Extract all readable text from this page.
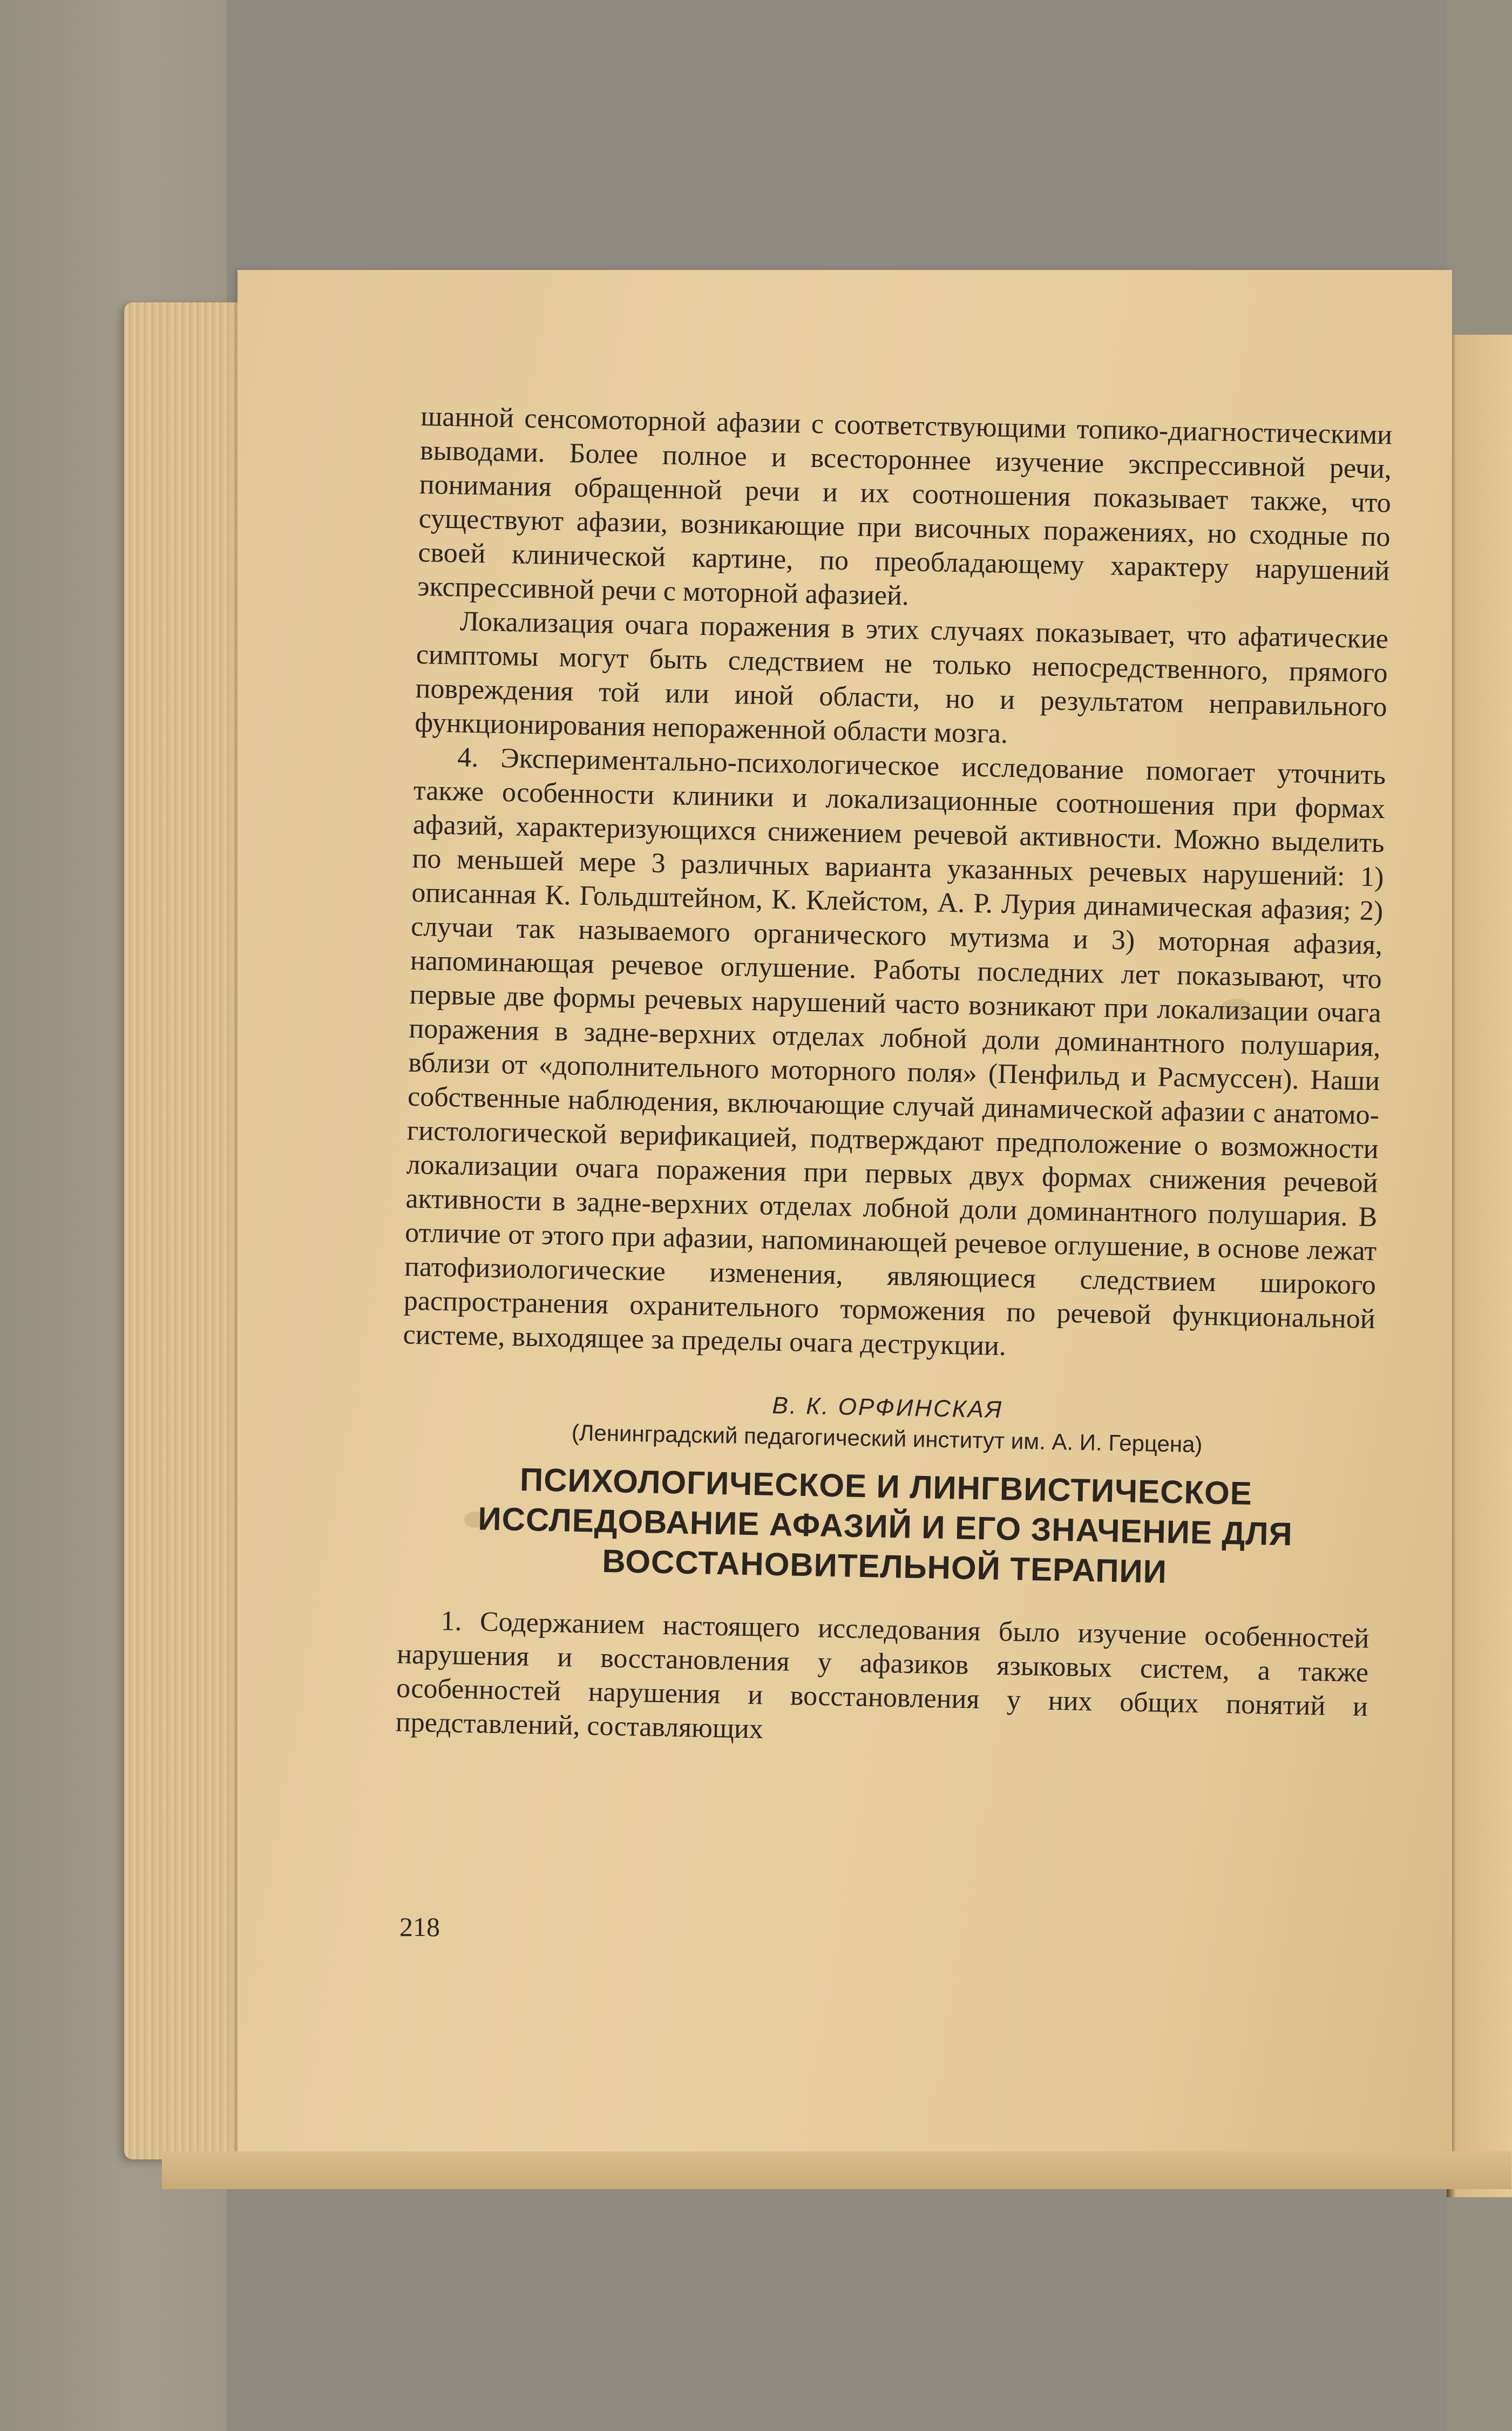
шанной сенсомоторной афазии с соответствующими топико-диагностическими выводами. Более полное и всестороннее изучение экспрессивной речи, понимания обращенной речи и их соотношения показывает также, что существуют афазии, возникающие при височных поражениях, но сходные по своей клинической картине, по преобладающему характеру нарушений экспрессивной речи с моторной афазией.

Локализация очага поражения в этих случаях показывает, что афатические симптомы могут быть следствием не только непосредственного, прямого повреждения той или иной области, но и результатом неправильного функционирования непораженной области мозга.

4. Экспериментально-психологическое исследование помогает уточнить также особенности клиники и локализационные соотношения при формах афазий, характеризующихся снижением речевой активности. Можно выделить по меньшей мере 3 различных варианта указанных речевых нарушений: 1) описанная К. Гольдштейном, К. Клейстом, А. Р. Лурия динамическая афазия; 2) случаи так называемого органического мутизма и 3) моторная афазия, напоминающая речевое оглушение. Работы последних лет показывают, что первые две формы речевых нарушений часто возникают при локализации очага поражения в задне-верхних отделах лобной доли доминантного полушария, вблизи от «дополнительного моторного поля» (Пенфильд и Расмуссен). Наши собственные наблюдения, включающие случай динамической афазии с анатомо-гистологической верификацией, подтверждают предположение о возможности локализации очага поражения при первых двух формах снижения речевой активности в задне-верхних отделах лобной доли доминантного полушария. В отличие от этого при афазии, напоминающей речевое оглушение, в основе лежат патофизиологические изменения, являющиеся следствием широкого распространения охранительного торможения по речевой функциональной системе, выходящее за пределы очага деструкции.

В. К. ОРФИНСКАЯ
(Ленинградский педагогический институт им. А. И. Герцена)
ПСИХОЛОГИЧЕСКОЕ И ЛИНГВИСТИЧЕСКОЕ
ИССЛЕДОВАНИЕ АФАЗИЙ И ЕГО ЗНАЧЕНИЕ ДЛЯ
ВОССТАНОВИТЕЛЬНОЙ ТЕРАПИИ

1. Содержанием настоящего исследования было изучение особенностей нарушения и восстановления у афазиков языковых систем, а также особенностей нарушения и восстановления у них общих понятий и представлений, составляющих

218
